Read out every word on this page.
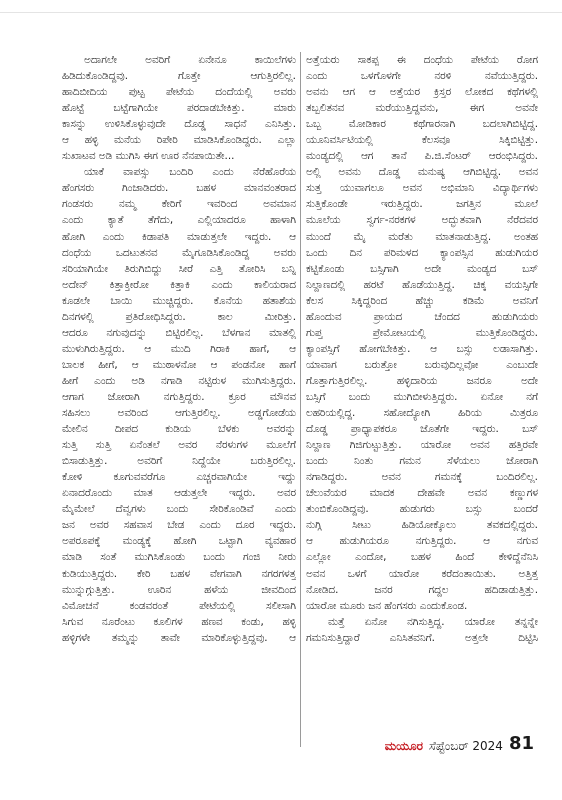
ಅದಾಗಲೇ ಅವರಿಗೆ ಏನೇನೂ ಕಾಯಿಲೆಗಳು
ಹಿಡಿದುಕೊಂಡಿದ್ದವು. ಗೊತ್ತೇ ಆಗುತ್ತಿರಲಿಲ್ಲ.
ಹಾದಿಬೀದಿಯ ಪುಟ್ಟ ಪೇಟೆಯ ದಂದೆಯಲ್ಲಿ ಅವರು
ಹೊಟ್ಟೆ ಬಟ್ಟೆಗಾಗಿಯೇ ಪರದಾಡಬೇಕಿತ್ತು. ಮಾರು
ಕಾಸನ್ನು ಉಳಿಸಿಕೊಳ್ಳುವುದೇ ದೊಡ್ಡ ಸಾಧನೆ ಎನಿಸಿತ್ತು.
ಆ ಹಳ್ಳಿ ಮನೆಯ ರಿಪೇರಿ ಮಾಡಿಸಿಕೊಂಡಿದ್ದರು. ಎಲ್ಲಾ
ಸುಖಾಟವ ಅಡಿ ಮುಗಿಸಿ ಈಗ ಊರ ನೆನಪಾಯಿತೇ...
ಯಾಕೆ ವಾಪಸ್ಸು ಬಂದಿರಿ ಎಂದು ನೆರೆಹೊರೆಯ
ಹೆಂಗಸರು ಗಿಂಜಾಡಿದರು. ಬಹಳ ಮಾನವಂತರಾದ
ಗಂಡಸರು ನಮ್ಮ ಕೇರಿಗೆ ಇವರಿಂದ ಅವಮಾನ
ಎಂದು ಕ್ಯಾತೆ ತೆಗೆದು, ಎಲ್ಲಿಯಾದರೂ ಹಾಳಾಗಿ
ಹೋಗಿ ಎಂದು ಕಿಡಾಪತಿ ಮಾಡುತ್ತಲೇ ಇದ್ದರು. ಆ
ದಂಧೆಯ ಒದಟುತನವ ಮೈಗೂಡಿಸಿಕೊಂಡಿದ್ದ ಅವರು
ಸರಿಯಾಗಿಯೇ ತಿರುಗಿಬಿದ್ದು ಸೀರೆ ಎತ್ತಿ ತೋರಿಸಿ ಬನ್ನಿ
ಅದೇನ್ ಕಿತ್ತಾಕ್ತೀರೋ ಕಿತ್ತಾಕಿ ಎಂದು ಕಾಲಿಯರಾದ
ಕೂಡಲೇ ಬಾಯಿ ಮುಚ್ಚಿದ್ದರು. ಕೊನೆಯ ಹತಾಶೆಯ
ದಿನಗಳಲ್ಲಿ ಪ್ರತಿರೋಧಿಸಿದ್ದರು. ಕಾಲ ಮೀರಿತ್ತು.
ಆದರೂ ನಗುವುದನ್ನು ಬಿಟ್ಟಿರಲಿಲ್ಲ. ಬೆಳಗಾನ ಮಾತಲ್ಲಿ
ಮುಳುಗಿರುತ್ತಿದ್ದರು. ಆ ಮುದಿ ಗಿರಾಕಿ ಹಾಗೆ, ಆ
ಬಾಲಕ ಹೀಗೆ, ಆ ಮುಠಾಳನೋ ಆ ಪಂಡನೋ ಹಾಗೆ
ಹೀಗೆ ಎಂದು ಅಡಿ ನಗಾಡಿ ನಟ್ಟಿರುಳ ಮುಗಿಸುತ್ತಿದ್ದರು.
ಆಗಾಗ ಜೋರಾಗಿ ನಗುತ್ತಿದ್ದರು. ಕ್ರೂರ ಮೌನವ
ಸಹಿಸಲು ಅವರಿಂದ ಆಗುತ್ತಿರಲಿಲ್ಲ. ಅಡ್ಡಗೋಡೆಯ
ಮೇಲಿನ ದೀಪದ ಕುಡಿಯ ಬೆಳಕು ಅವರನ್ನು
ಸುತ್ತಿ ಸುತ್ತಿ ಏನೆಂತಲೆ ಅವರ ನೆರಳುಗಳ ಮೂಲೆಗೆ
ಬಿಸಾಡುತ್ತಿತ್ತು. ಅವರಿಗೆ ನಿದ್ದೆಯೇ ಬರುತ್ತಿರಲಿಲ್ಲ.
ಕೋಳಿ ಕೂಗುವವರೆಗೂ ಎಚ್ಚರವಾಗಿಯೇ ಇದ್ದು
ಏನಾದರೊಂದು ಮಾತ ಆಡುತ್ತಲೇ ಇದ್ದರು. ಅವರ
ಮೈಮೇಲೆ ದೆವ್ವಗಳು ಬಂದು ಸೇರಿಕೊಂಡಿವೆ ಎಂದು
ಜನ ಅವರ ಸಹವಾಸ ಬೇಡ ಎಂದು ದೂರ ಇದ್ದರು.
ಅಪರೂಪಕ್ಕೆ ಮಂಡ್ಯಕ್ಕೆ ಹೋಗಿ ಒಟ್ಟಾಗಿ ವ್ಯವಹಾರ
ಮಾಡಿ ಸಂತೆ ಮುಗಿಸಿಕೊಂಡು ಬಂದು ಗಂಜಿ ನೀರು
ಕುಡಿಯುತ್ತಿದ್ದರು. ಕೇರಿ ಬಹಳ ವೇಗವಾಗಿ ನಗರಗಳತ್ತ
ಮುನ್ನುಗ್ಗುತ್ತಿತ್ತು. ಊರಿನ ಹಳೆಯ ಜೀವದಿಂದ
ವಿಮೋಚನೆ ಕಂಡವರಂತೆ ಪೇಟೆಯಲ್ಲಿ ಸಲೀಸಾಗಿ
ಸಿಗುವ ನೂರೆಂಟು ಕೂಲಿಗಳ ಹಣವ ಕಂಡು, ಹಳ್ಳಿ
ಹಳ್ಳಿಗಳೇ ತಮ್ಮನ್ನು ತಾವೇ ಮಾರಿಕೊಳ್ಳುತ್ತಿದ್ದವು. ಆ
ಅತ್ತೆಯರು ಸಾಕಪ್ಪ ಈ ದಂಧೆಯ ಪೇಟೆಯ ರೋಗ
ಎಂದು ಒಳಗೊಳಗೇ ನರಳಿ ನವೆಯುತ್ತಿದ್ದರು.
ಅವನು ಆಗ ಆ ಅತ್ತೆಯರ ಕ್ರಿಸ್ತರ ಲೋಕದ ಕಥೆಗಳಲ್ಲಿ
ತಬ್ಬಲಿತನವ ಮರೆಯುತ್ತಿದ್ದವನು, ಈಗ ಅವನೇ
ಒಬ್ಬ ಮೋಡಿಕಾರ ಕಥೆಗಾರನಾಗಿ ಬದಲಾಗಿಬಿಟ್ಟಿದ್ದ.
ಯೂನಿವರ್ಸಿಟಿಯಲ್ಲಿ ಕೆಲಸವೂ ಸಿಕ್ಕಿಬಿಟ್ಟಿತ್ತು.
ಮಂಡ್ಯದಲ್ಲಿ ಆಗ ತಾನೆ ಪಿ.ಜಿ.ಸೆಂಟರ್ ಆರಂಭಿಸಿದ್ದರು.
ಅಲ್ಲಿ ಅವನು ದೊಡ್ಡ ಮನುಷ್ಯ ಆಗಿಬಿಟ್ಟಿದ್ದ. ಅವನ
ಸುತ್ತ ಯುವಾಗಲೂ ಅವನ ಅಭಿಮಾನಿ ವಿದ್ಯಾರ್ಥಿಗಳು
ಸುತ್ತಿಕೊಂಡೇ ಇರುತ್ತಿದ್ದರು. ಜಗತ್ತಿನ ಮೂಲೆ
ಮೂಲೆಯ ಸ್ವರ್ಗ-ನರಕಗಳ ಅದ್ಭುತವಾಗಿ ನೆರೆದವರ
ಮುಂದೆ ಮೈ ಮರೆತು ಮಾತನಾಡುತ್ತಿದ್ದ. ಅಂತಹ
ಒಂದು ದಿನ ಪರಿಮಳದ ಕ್ಯಾಂಪಸ್ಸಿನ ಹುಡುಗಿಯರ
ಕಟ್ಟಿಕೊಂಡು ಬಸ್ಸಿಗಾಗಿ ಅದೇ ಮಂಡ್ಯದ ಬಸ್
ನಿಲ್ದಾಣದಲ್ಲಿ ಹರಟೆ ಹೊಡೆಯುತ್ತಿದ್ದ. ಚಿಕ್ಕ ವಯಸ್ಸಿಗೇ
ಕೆಲಸ ಸಿಕ್ಕಿದ್ದರಿಂದ ಹೆಚ್ಚು ಕಡಿಮೆ ಅವನಿಗೆ
ಹೊಂದುವ ಪ್ರಾಯದ ಚೆಂದದ ಹುಡುಗಿಯರು
ಗುಪ್ತ ಪ್ರೇಮೋಟಯಲ್ಲಿ ಮುತ್ತಿಕೊಂಡಿದ್ದರು.
ಕ್ಯಾಂಪಸ್ಸಿಗೆ ಹೋಗಬೇಕಿತ್ತು. ಆ ಬಸ್ಸು ಲಡಾಸಾಗಿತ್ತು.
ಯಾವಾಗ ಬರುತ್ತೋ ಬರುವುದಿಲ್ಲವೋ ಎಂಬುದೇ
ಗೊತ್ತಾಗುತ್ತಿರಲಿಲ್ಲ. ಹಳ್ಳಿದಾರಿಯ ಜನರೂ ಅದೇ
ಬಸ್ಸಿಗೆ ಬಂದು ಮುಗಿಬೀಳುತ್ತಿದ್ದರು. ಏನೋ ನಗೆ
ಲಹರಿಯಲ್ಲಿದ್ದ. ಸಹೋದ್ಯೋಗಿ ಹಿರಿಯ ಮಿತ್ರರೂ
ದೊಡ್ಡ ಪ್ರಾಧ್ಯಾಪಕರೂ ಜೊತೆಗೇ ಇದ್ದರು. ಬಸ್
ನಿಲ್ದಾಣ ಗಿಜಿಗುಟ್ಟುತ್ತಿತ್ತು. ಯಾರೋ ಅವನ ಹತ್ತಿರವೇ
ಬಂದು ನಿಂತು ಗಮನ ಸೆಳೆಯಲು ಜೋರಾಗಿ
ನಗಾಡಿದ್ದರು. ಅವನ ಗಮನಕ್ಕೆ ಬಂದಿರಲಿಲ್ಲ.
ಚೆಲುವೆಯರ ಮಾದಕ ದೇಹವೇ ಅವನ ಕಣ್ಣುಗಳ
ತುಂಬಿಕೊಂಡಿದ್ದವು. ಹುಡುಗರು ಬಸ್ಸು ಬಂದರೆ
ನುಗ್ಗಿ ಸೀಟು ಹಿಡಿಯೋಕ್ಕೊಲು ತವಕದಲ್ಲಿದ್ದರು.
ಆ ಹುಡುಗಿಯರೂ ನಗುತ್ತಿದ್ದರು. ಆ ನಗುವ
ಎಲ್ಲೋ ಎಂದೋ, ಬಹಳ ಹಿಂದೆ ಕೇಳಿದ್ದೆನೆನಿಸಿ
ಅವನ ಒಳಗೆ ಯಾರೋ ಕರೆದಂತಾಯಿತು. ಅತ್ತಿತ್ತ
ನೋಡಿದ. ಜನರ ಗದ್ದಲ ಹದಿಡಾಡುತ್ತಿತ್ತು.
ಯಾರೋ ಮೂರು ಜನ ಹೆಂಗಸರು ಎಂದುಕೊಂಡ.
ಮತ್ತೆ ಏನೋ ನಗಿಸುತ್ತಿದ್ದ. ಯಾರೋ ತನ್ನನ್ನೇ
ಗಮನಿಸುತ್ತಿದ್ದಾರೆ ಎನಿಸಿತವನಿಗೆ. ಅತ್ತಲೇ ದಿಟ್ಟಿಸಿ
ಮಯೂರ ಸೆಪ್ಟೆಂಬರ್ 2024 81
